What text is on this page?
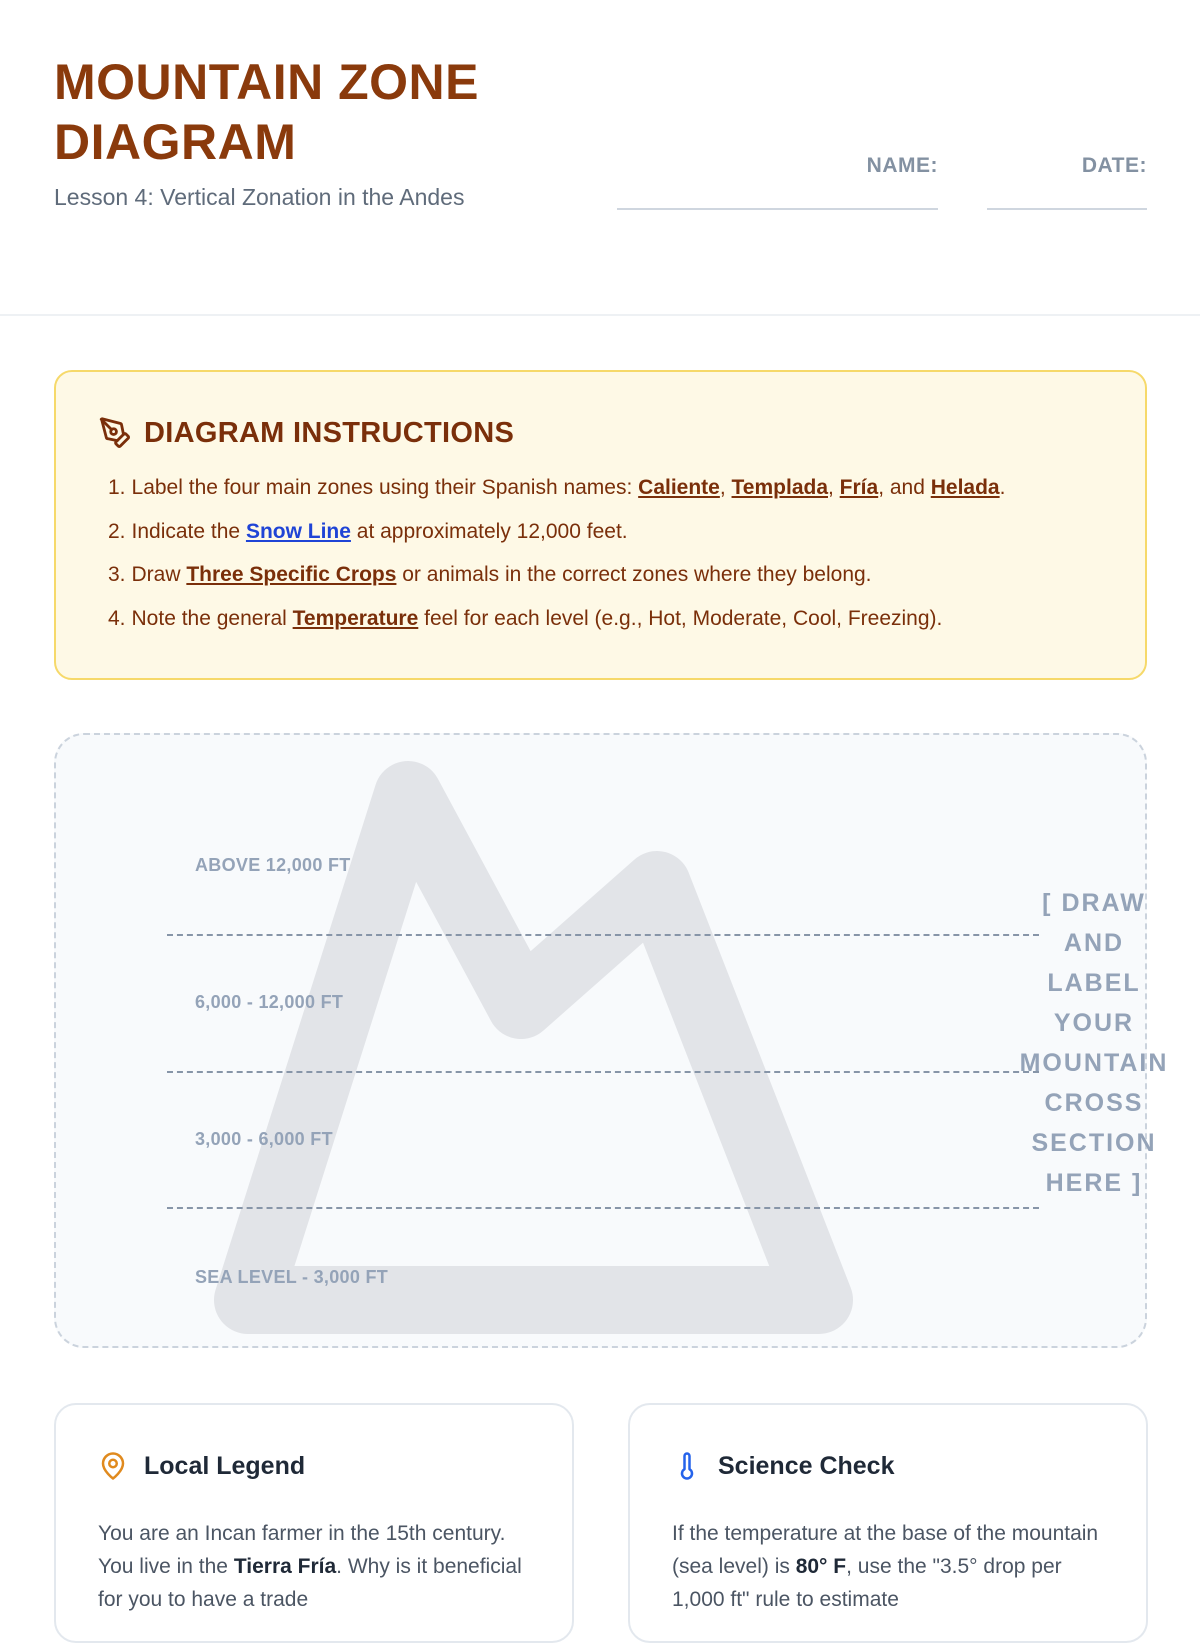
MOUNTAIN ZONE DIAGRAM
Lesson 4: Vertical Zonation in the Andes
NAME:	DATE:
DIAGRAM INSTRUCTIONS
1. Label the four main zones using their Spanish names: Caliente, Templada, Fría, and Helada.
2. Indicate the Snow Line at approximately 12,000 feet.
3. Draw Three Specific Crops or animals in the correct zones where they belong.
4. Note the general Temperature feel for each level (e.g., Hot, Moderate, Cool, Freezing).
ABOVE 12,000 FT
6,000 - 12,000 FT
3,000 - 6,000 FT
SEA LEVEL - 3,000 FT
[ DRAW AND LABEL YOUR MOUNTAIN CROSS SECTION HERE ]
Local Legend
You are an Incan farmer in the 15th century. You live in the Tierra Fría. Why is it beneficial for you to have a trade
Science Check
If the temperature at the base of the mountain (sea level) is 80° F, use the "3.5° drop per 1,000 ft" rule to estimate
